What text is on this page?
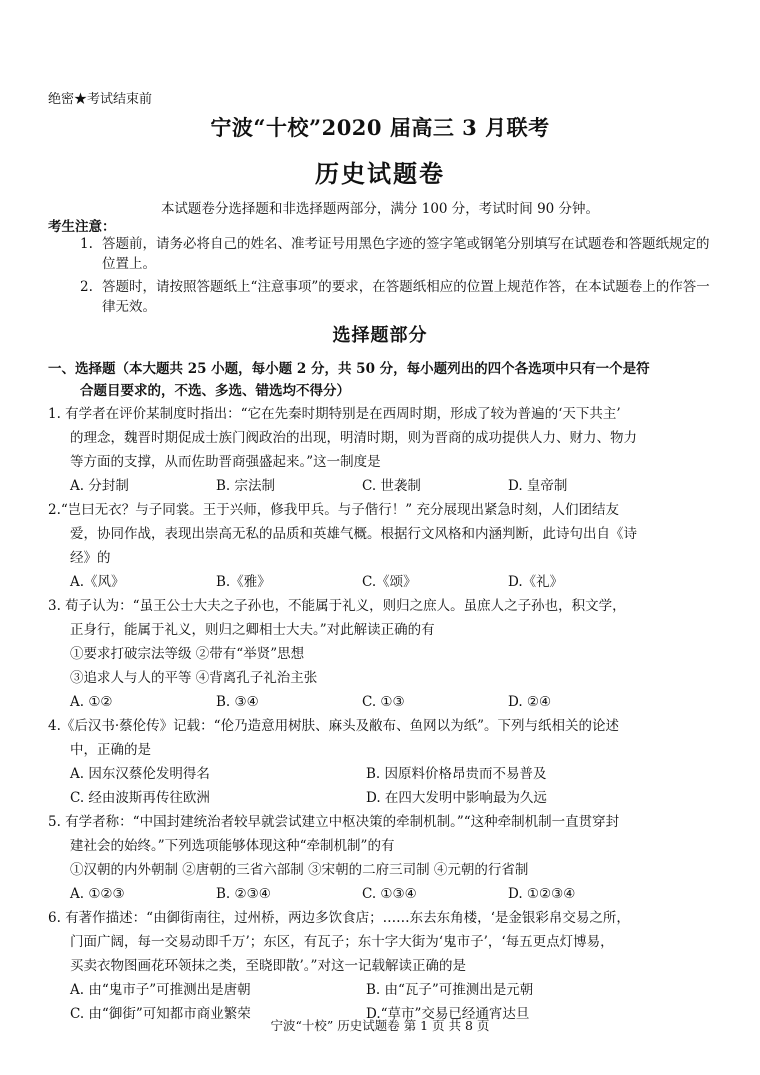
绝密★考试结束前
宁波“十校”2020 届高三 3 月联考
历史试题卷
本试题卷分选择题和非选择题两部分，满分 100 分，考试时间 90 分钟。
考生注意：
1. 答题前，请务必将自己的姓名、准考证号用黑色字迹的签字笔或钢笔分别填写在试题卷和答题纸规定的位置上。
2. 答题时，请按照答题纸上“注意事项”的要求，在答题纸相应的位置上规范作答，在本试题卷上的作答一律无效。
选择题部分
一、选择题（本大题共 25 小题，每小题 2 分，共 50 分，每小题列出的四个各选项中只有一个是符
合题目要求的，不选、多选、错选均不得分）
1. 有学者在评价某制度时指出：“它在先秦时期特别是在西周时期，形成了较为普遍的‘天下共主’
的理念，魏晋时期促成士族门阀政治的出现，明清时期，则为晋商的成功提供人力、财力、物力
等方面的支撑，从而佐助晋商强盛起来。”这一制度是
A. 分封制	B. 宗法制	C. 世袭制	D. 皇帝制
2.“岂曰无衣？与子同裳。王于兴师，修我甲兵。与子偕行！” 充分展现出紧急时刻，人们团结友
爱，协同作战，表现出崇高无私的品质和英雄气概。根据行文风格和内涵判断，此诗句出自《诗
经》的
A.《风》	B.《雅》	C.《颂》	D.《礼》
3. 荀子认为：“虽王公士大夫之子孙也，不能属于礼义，则归之庶人。虽庶人之子孙也，积文学，
正身行，能属于礼义，则归之卿相士大夫。”对此解读正确的有
①要求打破宗法等级 ②带有“举贤”思想
③追求人与人的平等 ④背离孔子礼治主张
A. ①②	B. ③④	C. ①③	D. ②④
4.《后汉书·蔡伦传》记载：“伦乃造意用树肤、麻头及敝布、鱼网以为纸”。下列与纸相关的论述
中，正确的是
A. 因东汉蔡伦发明得名	B. 因原料价格昂贵而不易普及
C. 经由波斯再传往欧洲	D. 在四大发明中影响最为久远
5. 有学者称：“中国封建统治者较早就尝试建立中枢决策的牵制机制。”“这种牵制机制一直贯穿封
建社会的始终。”下列选项能够体现这种“牵制机制”的有
①汉朝的内外朝制 ②唐朝的三省六部制 ③宋朝的二府三司制 ④元朝的行省制
A. ①②③	B. ②③④	C. ①③④	D. ①②③④
6. 有著作描述：“由御街南往，过州桥，两边多饮食店；……东去东角楼，‘是金银彩帛交易之所，
门面广阔，每一交易动即千万’；东区，有瓦子；东十字大街为‘鬼市子’，‘每五更点灯博易，
买卖衣物图画花环领抹之类，至晓即散’。”对这一记载解读正确的是
A. 由“鬼市子”可推测出是唐朝	B. 由“瓦子”可推测出是元朝
C. 由“御街”可知都市商业繁荣	D.“草市”交易已经通宵达旦
宁波“十校” 历史试题卷 第 1 页 共 8 页
